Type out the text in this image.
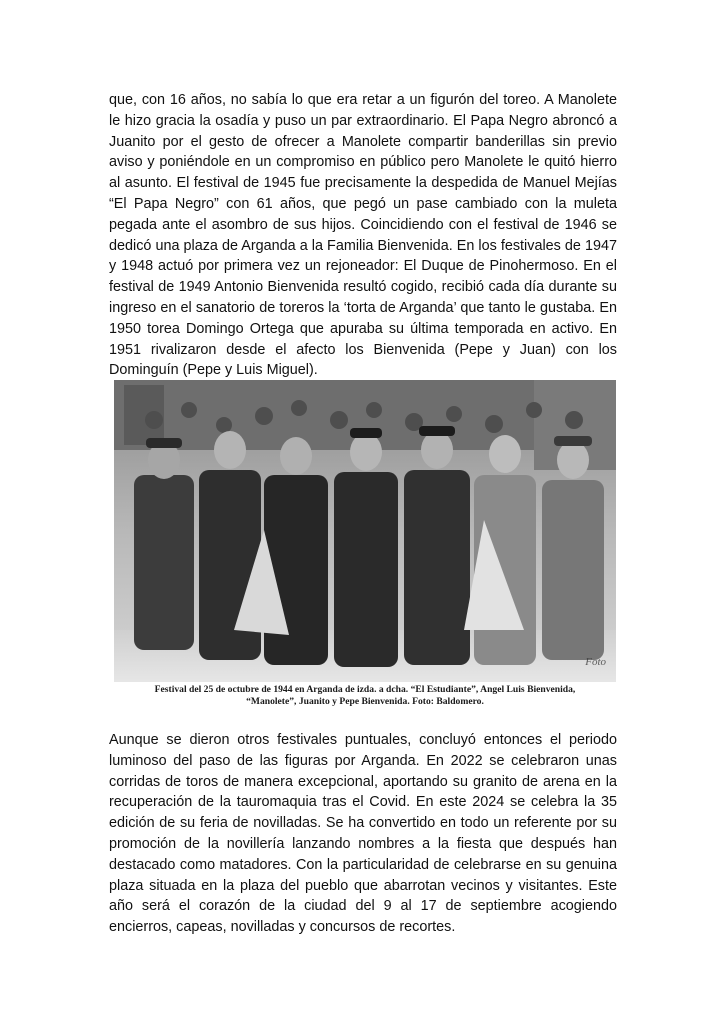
que, con 16 años, no sabía lo que era retar a un figurón del toreo. A Manolete le hizo gracia la osadía y puso un par extraordinario. El Papa Negro abroncó a Juanito por el gesto de ofrecer a Manolete compartir banderillas sin previo aviso y poniéndole en un compromiso en público pero Manolete le quitó hierro al asunto. El festival de 1945 fue precisamente la despedida de Manuel Mejías “El Papa Negro” con 61 años, que pegó un pase cambiado con la muleta pegada ante el asombro de sus hijos. Coincidiendo con el festival de 1946 se dedicó una plaza de Arganda a la Familia Bienvenida. En los festivales de 1947 y 1948 actuó por primera vez un rejoneador: El Duque de Pinohermoso. En el festival de 1949 Antonio Bienvenida resultó cogido, recibió cada día durante su ingreso en el sanatorio de toreros la ‘torta de Arganda’ que tanto le gustaba. En 1950 torea Domingo Ortega que apuraba su última temporada en activo. En 1951 rivalizaron desde el afecto los Bienvenida (Pepe y Juan) con los Dominguín (Pepe y Luis Miguel).

Foto

Festival del 25 de octubre de 1944 en Arganda de izda. a dcha. “El Estudiante”, Angel Luis Bienvenida,
“Manolete”, Juanito y Pepe Bienvenida. Foto: Baldomero.

Aunque se dieron otros festivales puntuales, concluyó entonces el periodo luminoso del paso de las figuras por Arganda. En 2022 se celebraron unas corridas de toros de manera excepcional, aportando su granito de arena en la recuperación de la tauromaquia tras el Covid. En este 2024 se celebra la 35 edición de su feria de novilladas. Se ha convertido en todo un referente por su promoción de la novillería lanzando nombres a la fiesta que después han destacado como matadores. Con la particularidad de celebrarse en su genuina plaza situada en la plaza del pueblo que abarrotan vecinos y visitantes. Este año será el corazón de la ciudad del 9 al 17 de septiembre acogiendo encierros, capeas, novilladas y concursos de recortes.
